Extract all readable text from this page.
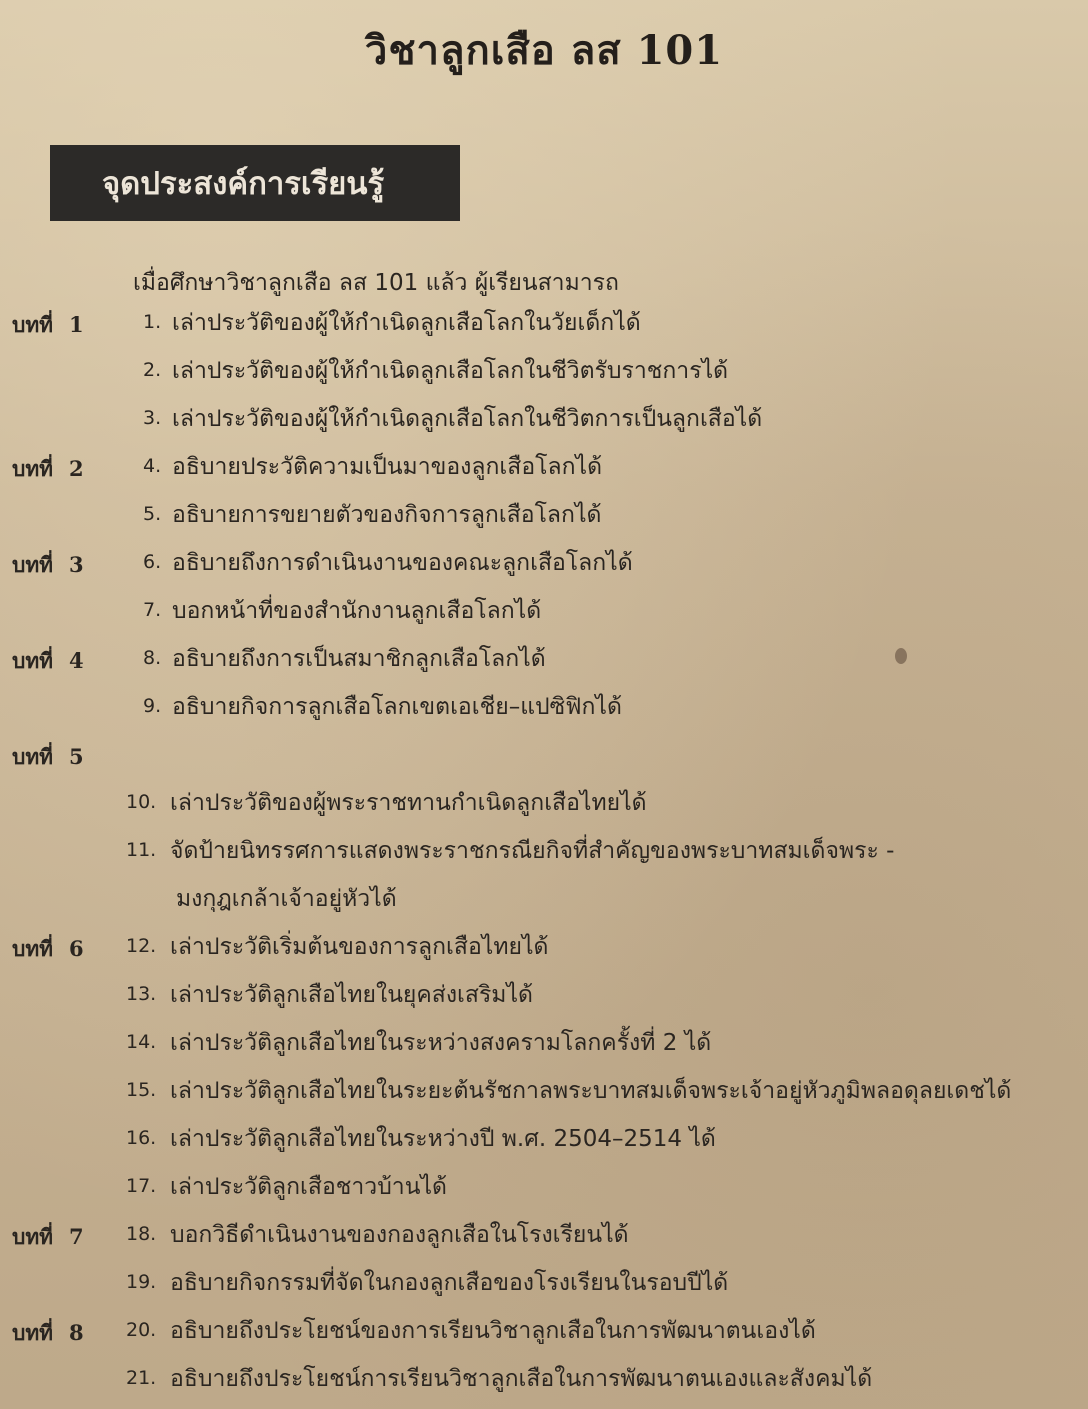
วิชาลูกเสือ ลส 101
จุดประสงค์การเรียนรู้
เมื่อศึกษาวิชาลูกเสือ ลส 101 แล้ว ผู้เรียนสามารถ
บทที่ 1	1. เล่าประวัติของผู้ให้กำเนิดลูกเสือโลกในวัยเด็กได้
2. เล่าประวัติของผู้ให้กำเนิดลูกเสือโลกในชีวิตรับราชการได้
3. เล่าประวัติของผู้ให้กำเนิดลูกเสือโลกในชีวิตการเป็นลูกเสือได้
บทที่ 2	4. อธิบายประวัติความเป็นมาของลูกเสือโลกได้
5. อธิบายการขยายตัวของกิจการลูกเสือโลกได้
บทที่ 3	6. อธิบายถึงการดำเนินงานของคณะลูกเสือโลกได้
7. บอกหน้าที่ของสำนักงานลูกเสือโลกได้
บทที่ 4	8. อธิบายถึงการเป็นสมาชิกลูกเสือโลกได้
9. อธิบายกิจการลูกเสือโลกเขตเอเชีย–แปซิฟิกได้
บทที่ 5
10. เล่าประวัติของผู้พระราชทานกำเนิดลูกเสือไทยได้
11. จัดป้ายนิทรรศการแสดงพระราชกรณียกิจที่สำคัญของพระบาทสมเด็จพระ -
มงกุฎเกล้าเจ้าอยู่หัวได้
บทที่ 6 12. เล่าประวัติเริ่มต้นของการลูกเสือไทยได้
13. เล่าประวัติลูกเสือไทยในยุคส่งเสริมได้
14. เล่าประวัติลูกเสือไทยในระหว่างสงครามโลกครั้งที่ 2 ได้
15. เล่าประวัติลูกเสือไทยในระยะต้นรัชกาลพระบาทสมเด็จพระเจ้าอยู่หัวภูมิพลอดุลยเดชได้
16. เล่าประวัติลูกเสือไทยในระหว่างปี พ.ศ. 2504–2514 ได้
17. เล่าประวัติลูกเสือชาวบ้านได้
บทที่ 7 18. บอกวิธีดำเนินงานของกองลูกเสือในโรงเรียนได้
19. อธิบายกิจกรรมที่จัดในกองลูกเสือของโรงเรียนในรอบปีได้
บทที่ 8 20. อธิบายถึงประโยชน์ของการเรียนวิชาลูกเสือในการพัฒนาตนเองได้
21. อธิบายถึงประโยชน์การเรียนวิชาลูกเสือในการพัฒนาตนเองและสังคมได้
